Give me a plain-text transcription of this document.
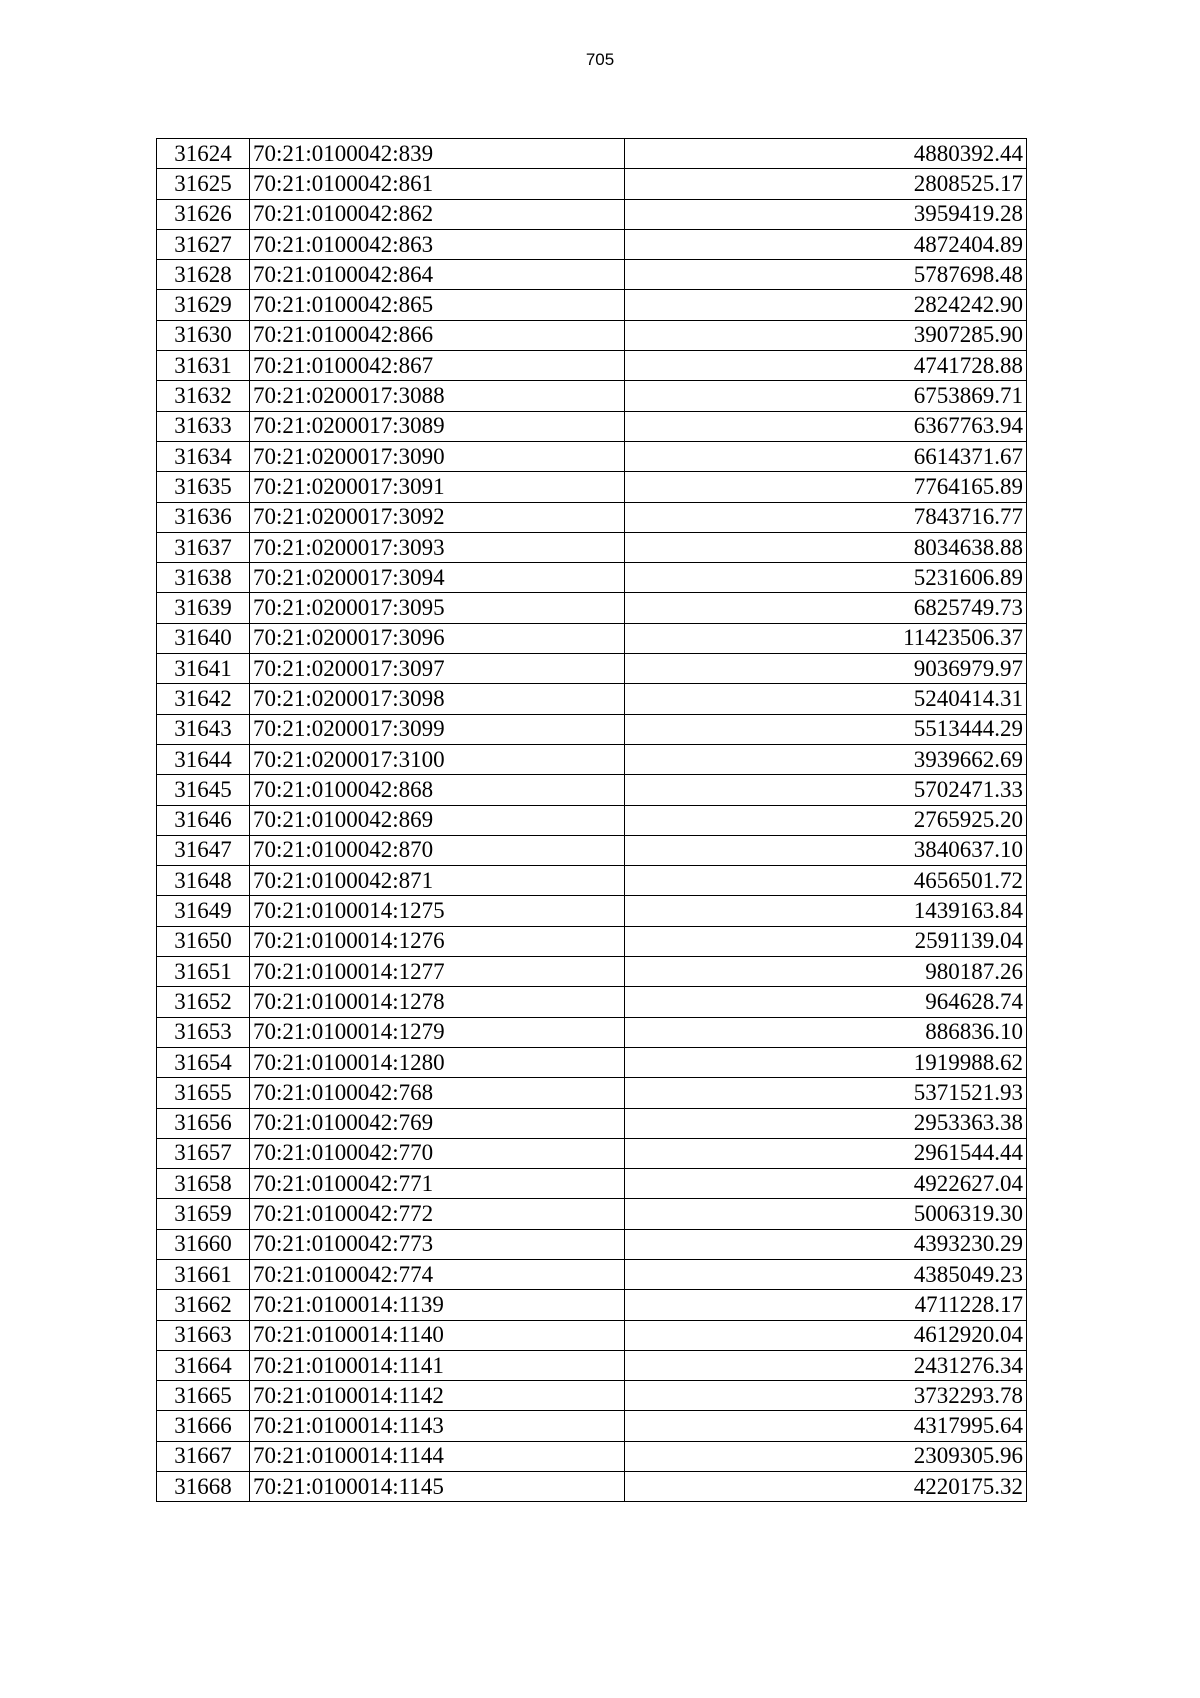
705
31624	70:21:0100042:839	4880392.44
31625	70:21:0100042:861	2808525.17
31626	70:21:0100042:862	3959419.28
31627	70:21:0100042:863	4872404.89
31628	70:21:0100042:864	5787698.48
31629	70:21:0100042:865	2824242.90
31630	70:21:0100042:866	3907285.90
31631	70:21:0100042:867	4741728.88
31632	70:21:0200017:3088	6753869.71
31633	70:21:0200017:3089	6367763.94
31634	70:21:0200017:3090	6614371.67
31635	70:21:0200017:3091	7764165.89
31636	70:21:0200017:3092	7843716.77
31637	70:21:0200017:3093	8034638.88
31638	70:21:0200017:3094	5231606.89
31639	70:21:0200017:3095	6825749.73
31640	70:21:0200017:3096	11423506.37
31641	70:21:0200017:3097	9036979.97
31642	70:21:0200017:3098	5240414.31
31643	70:21:0200017:3099	5513444.29
31644	70:21:0200017:3100	3939662.69
31645	70:21:0100042:868	5702471.33
31646	70:21:0100042:869	2765925.20
31647	70:21:0100042:870	3840637.10
31648	70:21:0100042:871	4656501.72
31649	70:21:0100014:1275	1439163.84
31650	70:21:0100014:1276	2591139.04
31651	70:21:0100014:1277	980187.26
31652	70:21:0100014:1278	964628.74
31653	70:21:0100014:1279	886836.10
31654	70:21:0100014:1280	1919988.62
31655	70:21:0100042:768	5371521.93
31656	70:21:0100042:769	2953363.38
31657	70:21:0100042:770	2961544.44
31658	70:21:0100042:771	4922627.04
31659	70:21:0100042:772	5006319.30
31660	70:21:0100042:773	4393230.29
31661	70:21:0100042:774	4385049.23
31662	70:21:0100014:1139	4711228.17
31663	70:21:0100014:1140	4612920.04
31664	70:21:0100014:1141	2431276.34
31665	70:21:0100014:1142	3732293.78
31666	70:21:0100014:1143	4317995.64
31667	70:21:0100014:1144	2309305.96
31668	70:21:0100014:1145	4220175.32
